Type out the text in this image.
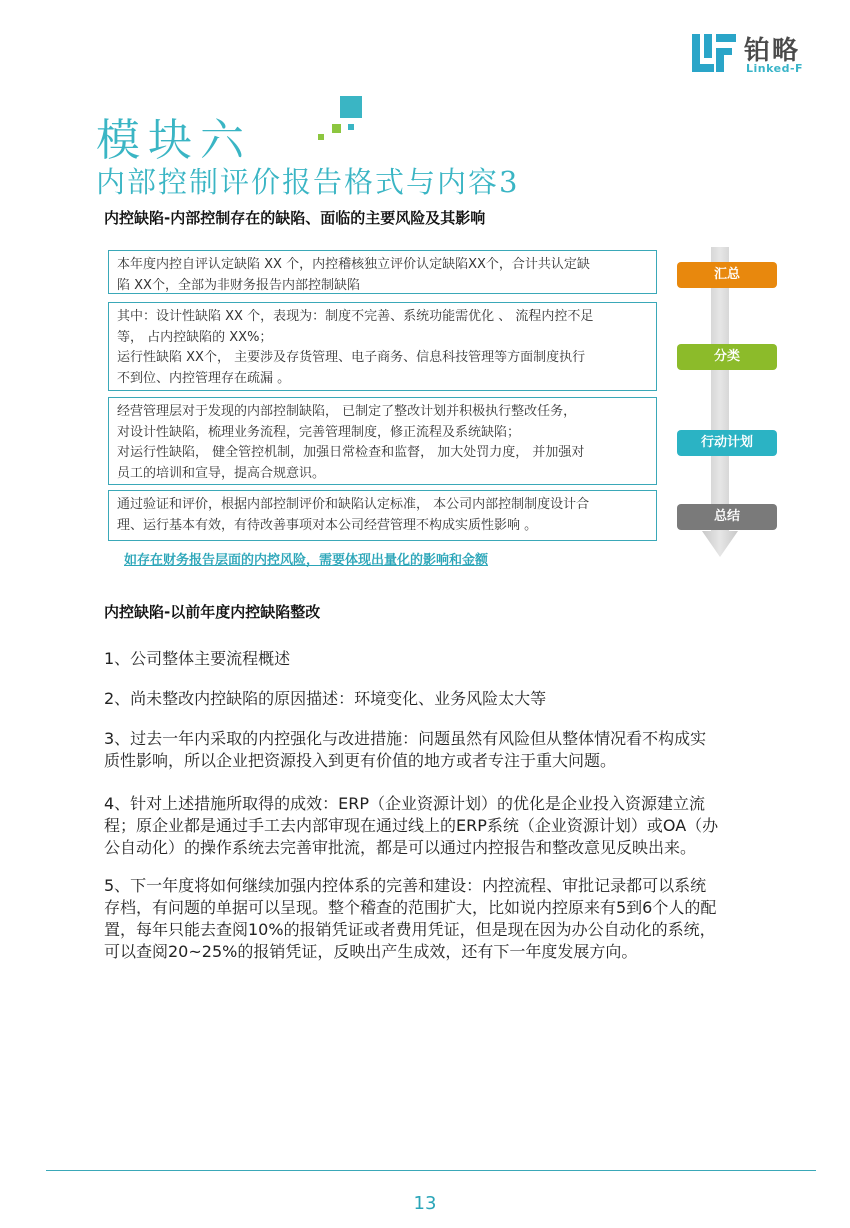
铂略
Linked-F
模块六
内部控制评价报告格式与内容3
内控缺陷-内部控制存在的缺陷、面临的主要风险及其影响

本年度内控自评认定缺陷 XX 个，内控稽核独立评价认定缺陷XX个，合计共认定缺

陷 XX个，全部为非财务报告内部控制缺陷

其中：设计性缺陷 XX 个，表现为：制度不完善、系统功能需优化 、 流程内控不足

等， 占内控缺陷的 XX%；

运行性缺陷 XX个， 主要涉及存货管理、电子商务、信息科技管理等方面制度执行

不到位、内控管理存在疏漏 。

经营管理层对于发现的内部控制缺陷， 已制定了整改计划并积极执行整改任务，

对设计性缺陷，梳理业务流程，完善管理制度，修正流程及系统缺陷；

对运行性缺陷， 健全管控机制，加强日常检查和监督， 加大处罚力度， 并加强对

员工的培训和宣导，提高合规意识。

通过验证和评价，根据内部控制评价和缺陷认定标准， 本公司内部控制制度设计合

理、运行基本有效，有待改善事项对本公司经营管理不构成实质性影响 。

如存在财务报告层面的内控风险，需要体现出量化的影响和金额
汇总
分类
行动计划
总结
内控缺陷-以前年度内控缺陷整改
1、公司整体主要流程概述
2、尚未整改内控缺陷的原因描述：环境变化、业务风险太大等
3、过去一年内采取的内控强化与改进措施：问题虽然有风险但从整体情况看不构成实
质性影响，所以企业把资源投入到更有价值的地方或者专注于重大问题。
4、针对上述措施所取得的成效：ERP（企业资源计划）的优化是企业投入资源建立流
程；原企业都是通过手工去内部审现在通过线上的ERP系统（企业资源计划）或OA（办
公自动化）的操作系统去完善审批流，都是可以通过内控报告和整改意见反映出来。
5、下一年度将如何继续加强内控体系的完善和建设：内控流程、审批记录都可以系统
存档，有问题的单据可以呈现。整个稽查的范围扩大，比如说内控原来有5到6个人的配
置，每年只能去查阅10%的报销凭证或者费用凭证，但是现在因为办公自动化的系统，
可以查阅20~25%的报销凭证，反映出产生成效，还有下一年度发展方向。
13
